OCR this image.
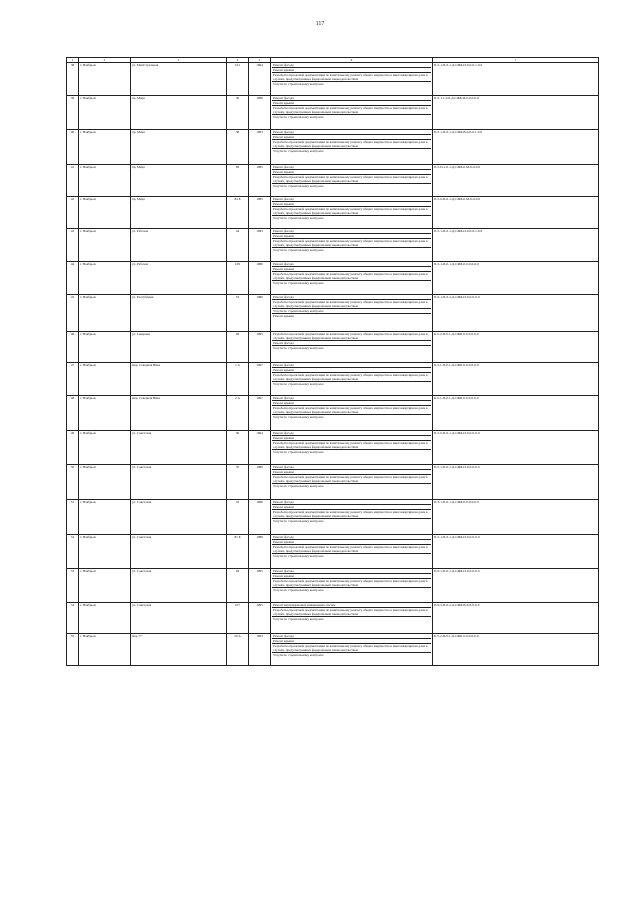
117
1	2	3	4	5	6	7
38	г. Ноябрьск	ул. Магистральная	101	1994	Ремонт фасада
Ремонт крыши
Разработка проектной документации по капитальному ремонту общего имущества в многоквартирном доме в случаях, предусмотренных федеральным законодательством
Услуги по строительному контролю	П-5-1-П-0-1-Д-СЖБ-П-0-0-0-1-0-0
39	г. Ноябрьск	пр. Мира	36	1986	Ремонт фасада
Ремонт крыши
Разработка проектной документации по капитальному ремонту общего имущества в многоквартирном доме в случаях, предусмотренных федеральным законодательством
Услуги по строительному контролю	П-5-1-1-0-0-Д-СЖБ-П-0-0-0-0-0
40	г. Ноябрьск	пр. Мира	38	1983	Ремонт фасада
Ремонт крыши
Разработка проектной документации по капитальному ремонту общего имущества в многоквартирном доме в случаях, предусмотренных федеральным законодательством
Услуги по строительному контролю	П-5-1-П-0-1-Д-СЖБ-В-0-0-0-1-0-0
41	г. Ноябрьск	пр. Мира	82	1985	Ремонт фасада
Ремонт крыши
Разработка проектной документации по капитальному ремонту общего имущества в многоквартирном доме в случаях, предусмотренных федеральным законодательством
Услуги по строительному контролю	П-5-П-1-0-1-Д-СЖБ-0-М-0-0-0-0
42	г. Ноябрьск	пр. Мира	84 Б	1985	Ремонт фасада
Ремонт крыши
Разработка проектной документации по капитальному ремонту общего имущества в многоквартирном доме в случаях, предусмотренных федеральным законодательством
Услуги по строительному контролю	П-5-0-П-0-1-Д-СЖБ-0-М-0-0-0-0
43	г. Ноябрьск	ул. Рабочая	44	1993	Ремонт фасада
Ремонт крыши
Разработка проектной документации по капитальному ремонту общего имущества в многоквартирном доме в случаях, предусмотренных федеральным законодательством
Услуги по строительному контролю	П-5-1-П-0-1-Д-СЖБ-П-0-0-0-1-0-0
44	г. Ноябрьск	ул. Рабочая	109	1986	Ремонт фасада
Ремонт крыши
Разработка проектной документации по капитальному ремонту общего имущества в многоквартирном доме в случаях, предусмотренных федеральным законодательством
Услуги по строительному контролю	П-5-1-П-0-1-Д-СЖБ-0-0-0-0-0-0
45	г. Ноябрьск	ул. Республики	55	1980	Ремонт фасада
Разработка проектной документации по капитальному ремонту общего имущества в многоквартирном доме в случаях, предусмотренных федеральным законодательством
Услуги по строительному контролю
Ремонт крыши	П-9-1-П-0-2-Д-СЖБ-П-0-0-0-0-0
46	г. Ноябрьск	ул. Северная	28	1995	Разработка проектной документации по капитальному ремонту общего имущества в многоквартирном доме в случаях, предусмотренных федеральным законодательством
Ремонт фасада
Услуги по строительному контролю	К-5-2-П-0-1-Д-СЖБ-0-0-0-0-0-0
47	г. Ноябрьск	мкр. Северная Нива	1 А	1997	Ремонт фасада
Ремонт крыши
Разработка проектной документации по капитальному ремонту общего имущества в многоквартирном доме в случаях, предусмотренных федеральным законодательством
Услуги по строительному контролю	К-5-1-П-0-1-Д-СЖБ-0-0-0-0-0-0
48	г. Ноябрьск	мкр. Северная Нива	2 А	1997	Ремонт фасада
Ремонт крыши
Разработка проектной документации по капитальному ремонту общего имущества в многоквартирном доме в случаях, предусмотренных федеральным законодательством
Услуги по строительному контролю	К-5-1-П-0-1-Д-СЖБ-0-0-0-0-0-0
49	г. Ноябрьск	ул. Советская	30	1994	Ремонт фасада
Ремонт крыши
Разработка проектной документации по капитальному ремонту общего имущества в многоквартирном доме в случаях, предусмотренных федеральным законодательством
Услуги по строительному контролю	П-5-0-П-0-1-Д-СЖБ-П-0-0-0-0-0
50	г. Ноябрьск	ул. Советская	35	1989	Ремонт фасада
Ремонт крыши
Разработка проектной документации по капитальному ремонту общего имущества в многоквартирном доме в случаях, предусмотренных федеральным законодательством
Услуги по строительному контролю	П-5-1-П-0-1-Д-СЖБ-П-0-0-0-0-0
51	г. Ноябрьск	ул. Советская	76	1986	Ремонт фасада
Ремонт крыши
Разработка проектной документации по капитальному ремонту общего имущества в многоквартирном доме в случаях, предусмотренных федеральным законодательством
Услуги по строительному контролю	П-5-1-П-0-1-Д-СЖБ-0-0-0-0-0-0
52	г. Ноябрьск	ул. Советская	81 Б	1988	Ремонт фасада
Ремонт крыши
Разработка проектной документации по капитальному ремонту общего имущества в многоквартирном доме в случаях, предусмотренных федеральным законодательством
Услуги по строительному контролю	П-5-1-П-0-1-Д-СЖБ-П-0-0-0-0-0
53	г. Ноябрьск	ул. Советская	94	1995	Ремонт фасада
Ремонт крыши
Разработка проектной документации по капитальному ремонту общего имущества в многоквартирном доме в случаях, предусмотренных федеральным законодательством
Услуги по строительному контролю	П-9-1-П-0-1-Д-СЖБ-П-0-0-0-0-0
54	г. Ноябрьск	ул. Советская	107	1995	Ремонт внутридомовых инженерных систем
Разработка проектной документации по капитальному ремонту общего имущества в многоквартирном доме в случаях, предусмотренных федеральным законодательством
Услуги по строительному контролю	П-9-3-П-0-2-Д-СЖБ-В-0-0-0-0-0
55	г. Ноябрьск	мкр "Г"	20 А	1993	Ремонт фасада
Ремонт крыши
Разработка проектной документации по капитальному ремонту общего имущества в многоквартирном доме в случаях, предусмотренных федеральным законодательством
Услуги по строительному контролю	К-5-2-П-0-1-Д-СЖБ-0-0-0-0-0-0
